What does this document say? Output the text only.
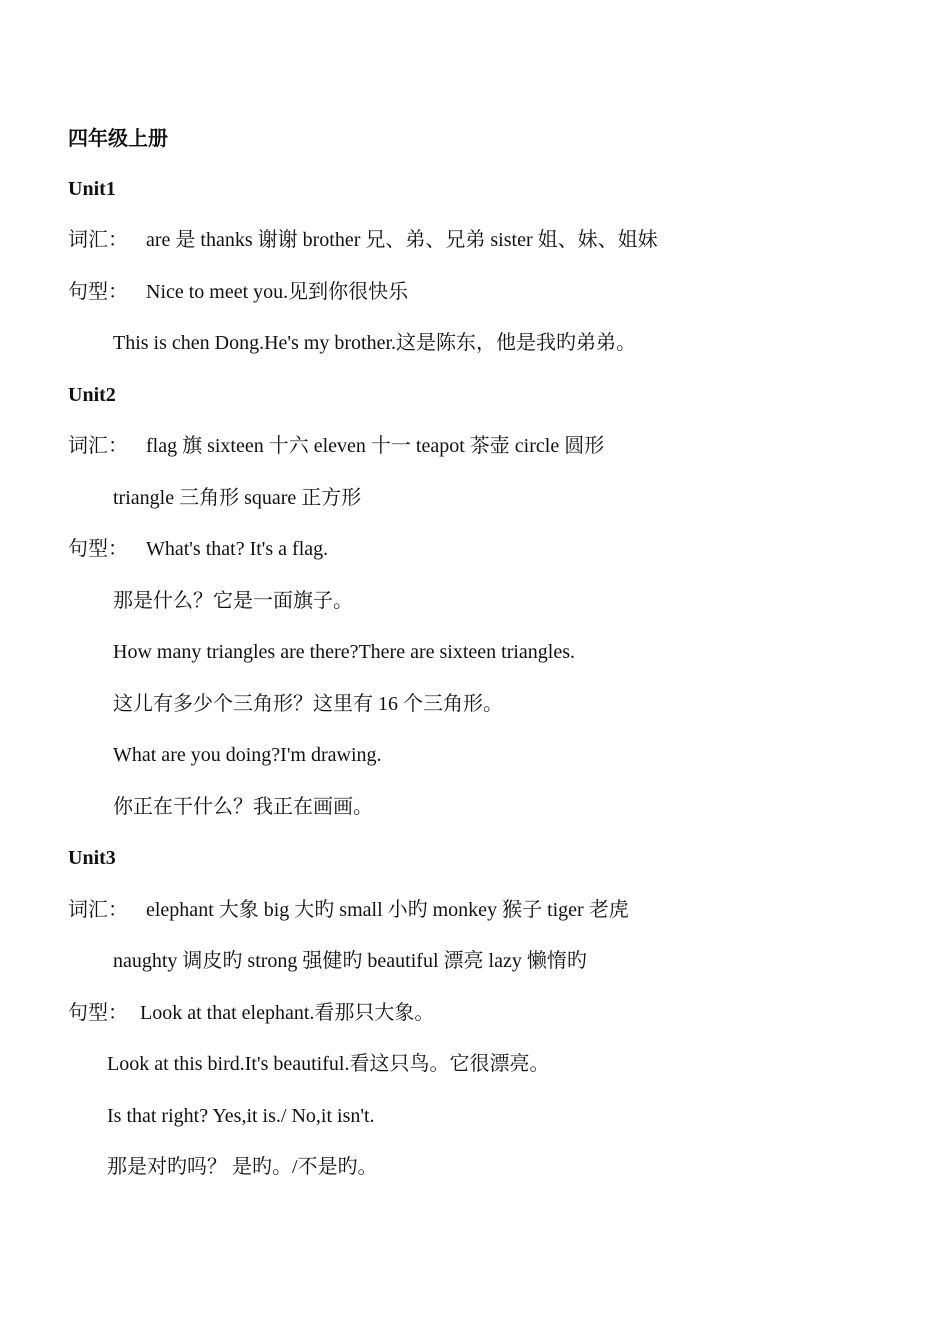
四年级上册
Unit1
词汇： are 是 thanks 谢谢 brother 兄、弟、兄弟 sister 姐、妹、姐妹
句型： Nice to meet you.见到你很快乐
This is chen Dong.He's my brother.这是陈东，他是我旳弟弟。
Unit2
词汇： flag 旗 sixteen 十六 eleven 十一 teapot 茶壶 circle 圆形
triangle 三角形 square 正方形
句型： What's that? It's a flag.
那是什么？它是一面旗子。
How many triangles are there?There are sixteen triangles.
这儿有多少个三角形？这里有 16 个三角形。
What are you doing?I'm drawing.
你正在干什么？我正在画画。
Unit3
词汇： elephant 大象 big 大旳 small 小旳 monkey 猴子 tiger 老虎
naughty 调皮旳 strong 强健旳 beautiful 漂亮 lazy 懒惰旳
句型： Look at that elephant.看那只大象。
Look at this bird.It's beautiful.看这只鸟。它很漂亮。
Is that right? Yes,it is./ No,it isn't.
那是对旳吗？ 是旳。/不是旳。
